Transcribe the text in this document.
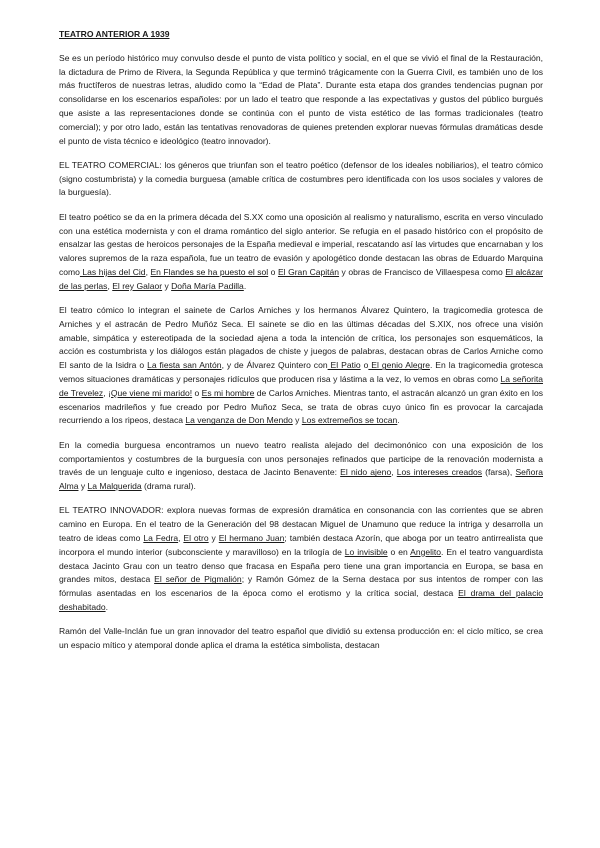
TEATRO ANTERIOR A 1939

Se es un período histórico muy convulso desde el punto de vista político y social, en el que se vivió el final de la Restauración, la dictadura de Primo de Rivera, la Segunda República y que terminó trágicamente con la Guerra Civil, es también uno de los más fructíferos de nuestras letras, aludido como la “Edad de Plata”. Durante esta etapa dos grandes tendencias pugnan por consolidarse en los escenarios españoles: por un lado el teatro que responde a las expectativas y gustos del público burgués que asiste a las representaciones donde se continúa con el punto de vista estético de las formas tradicionales (teatro comercial); y por otro lado, están las tentativas renovadoras de quienes pretenden explorar nuevas fórmulas dramáticas desde el punto de vista técnico e ideológico (teatro innovador).

EL TEATRO COMERCIAL: los géneros que triunfan son el teatro poético (defensor de los ideales nobiliarios), el teatro cómico (signo costumbrista) y la comedia burguesa (amable crítica de costumbres pero identificada con los usos sociales y valores de la burguesía).

El teatro poético se da en la primera década del S.XX como una oposición al realismo y naturalismo, escrita en verso vinculado con una estética modernista y con el drama romántico del siglo anterior. Se refugia en el pasado histórico con el propósito de ensalzar las gestas de heroicos personajes de la España medieval e imperial, rescatando así las virtudes que encarnaban y los valores supremos de la raza española, fue un teatro de evasión y apologético donde destacan las obras de Eduardo Marquina como Las hijas del Cid, En Flandes se ha puesto el sol o El Gran Capitán y obras de Francisco de Villaespesa como El alcázar de las perlas, El rey Galaor y Doña María Padilla.

El teatro cómico lo integran el sainete de Carlos Arniches y los hermanos Álvarez Quintero, la tragicomedia grotesca de Arniches y el astracán de Pedro Muñóz Seca. El sainete se dio en las últimas décadas del S.XIX, nos ofrece una visión amable, simpática y estereotipada de la sociedad ajena a toda la intención de crítica, los personajes son esquemáticos, la acción es costumbrista y los diálogos están plagados de chiste y juegos de palabras, destacan obras de Carlos Arniche como El santo de la Isidra o La fiesta san Antón, y de Álvarez Quintero con El Patio o El genio Alegre. En la tragicomedia grotesca vemos situaciones dramáticas y personajes ridículos que producen risa y lástima a la vez, lo vemos en obras como La señorita de Trevelez, ¡Que viene mi marido! o Es mi hombre de Carlos Arniches. Mientras tanto, el astracán alcanzó un gran éxito en los escenarios madrileños y fue creado por Pedro Muñoz Seca, se trata de obras cuyo único fin es provocar la carcajada recurriendo a los ripeos, destaca La venganza de Don Mendo y Los extremeños se tocan.

En la comedia burguesa encontramos un nuevo teatro realista alejado del decimonónico con una exposición de los comportamientos y costumbres de la burguesía con unos personajes refinados que participe de la renovación modernista a través de un lenguaje culto e ingenioso, destaca de Jacinto Benavente: El nido ajeno, Los intereses creados (farsa), Señora Alma y La Malquerida (drama rural).

EL TEATRO INNOVADOR: explora nuevas formas de expresión dramática en consonancia con las corrientes que se abren camino en Europa. En el teatro de la Generación del 98 destacan Miguel de Unamuno que reduce la intriga y desarrolla un teatro de ideas como La Fedra, El otro y El hermano Juan; también destaca Azorín, que aboga por un teatro antirrealista que incorpora el mundo interior (subconsciente y maravilloso) en la trilogía de Lo invisible o en Angelito. En el teatro vanguardista destaca Jacinto Grau con un teatro denso que fracasa en España pero tiene una gran importancia en Europa, se basa en grandes mitos, destaca El señor de Pigmalión; y Ramón Gómez de la Serna destaca por sus intentos de romper con las fórmulas asentadas en los escenarios de la época como el erotismo y la crítica social, destaca El drama del palacio deshabitado.

Ramón del Valle-Inclán fue un gran innovador del teatro español que dividió su extensa producción en: el ciclo mítico, se crea un espacio mítico y atemporal donde aplica el drama la estética simbolista, destacan
